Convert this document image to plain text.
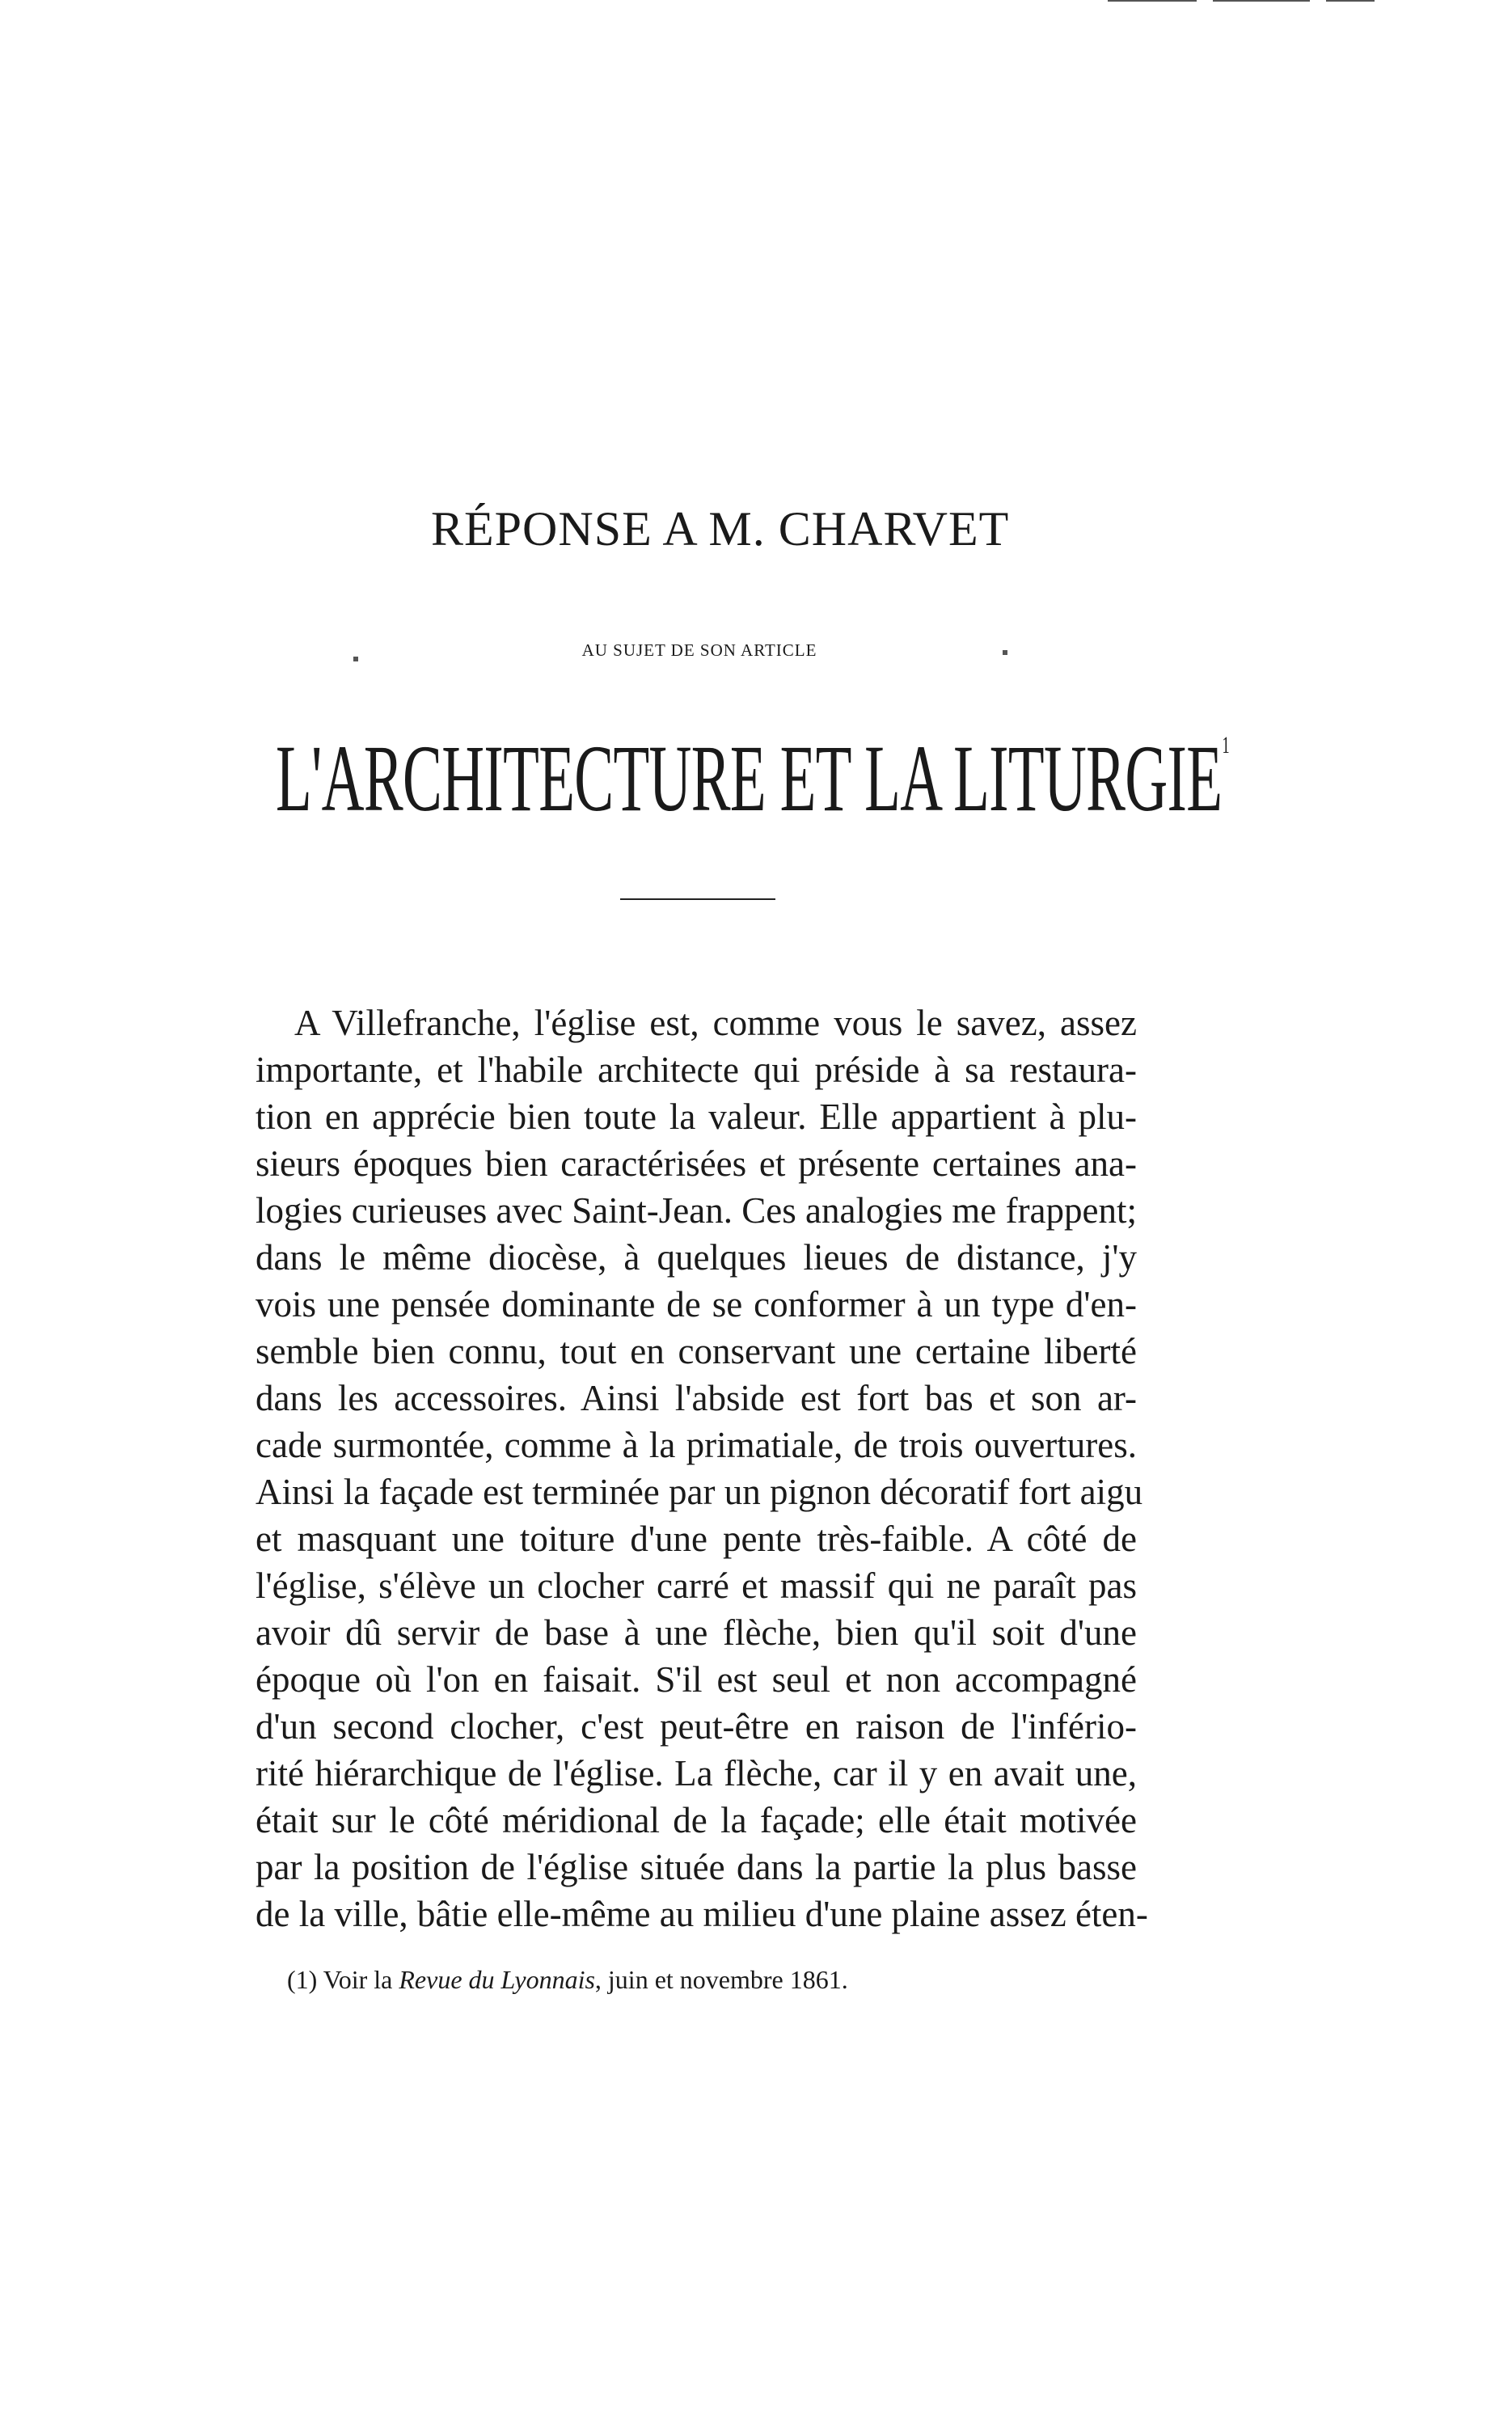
RÉPONSE A M. CHARVET
AU SUJET DE SON ARTICLE
L'ARCHITECTURE ET LA LITURGIE$^1$
A Villefranche, l'église est, comme vous le savez, assez
importante, et l'habile architecte qui préside à sa restaura-
tion en apprécie bien toute la valeur. Elle appartient à plu-
sieurs époques bien caractérisées et présente certaines ana-
logies curieuses avec Saint-Jean. Ces analogies me frappent;
dans le même diocèse, à quelques lieues de distance, j'y
vois une pensée dominante de se conformer à un type d'en-
semble bien connu, tout en conservant une certaine liberté
dans les accessoires. Ainsi l'abside est fort bas et son ar-
cade surmontée, comme à la primatiale, de trois ouvertures.
Ainsi la façade est terminée par un pignon décoratif fort aigu
et masquant une toiture d'une pente très-faible. A côté de
l'église, s'élève un clocher carré et massif qui ne paraît pas
avoir dû servir de base à une flèche, bien qu'il soit d'une
époque où l'on en faisait. S'il est seul et non accompagné
d'un second clocher, c'est peut-être en raison de l'infério-
rité hiérarchique de l'église. La flèche, car il y en avait une,
était sur le côté méridional de la façade; elle était motivée
par la position de l'église située dans la partie la plus basse
de la ville, bâtie elle-même au milieu d'une plaine assez éten-
(1) Voir la Revue du Lyonnais, juin et novembre 1861.
